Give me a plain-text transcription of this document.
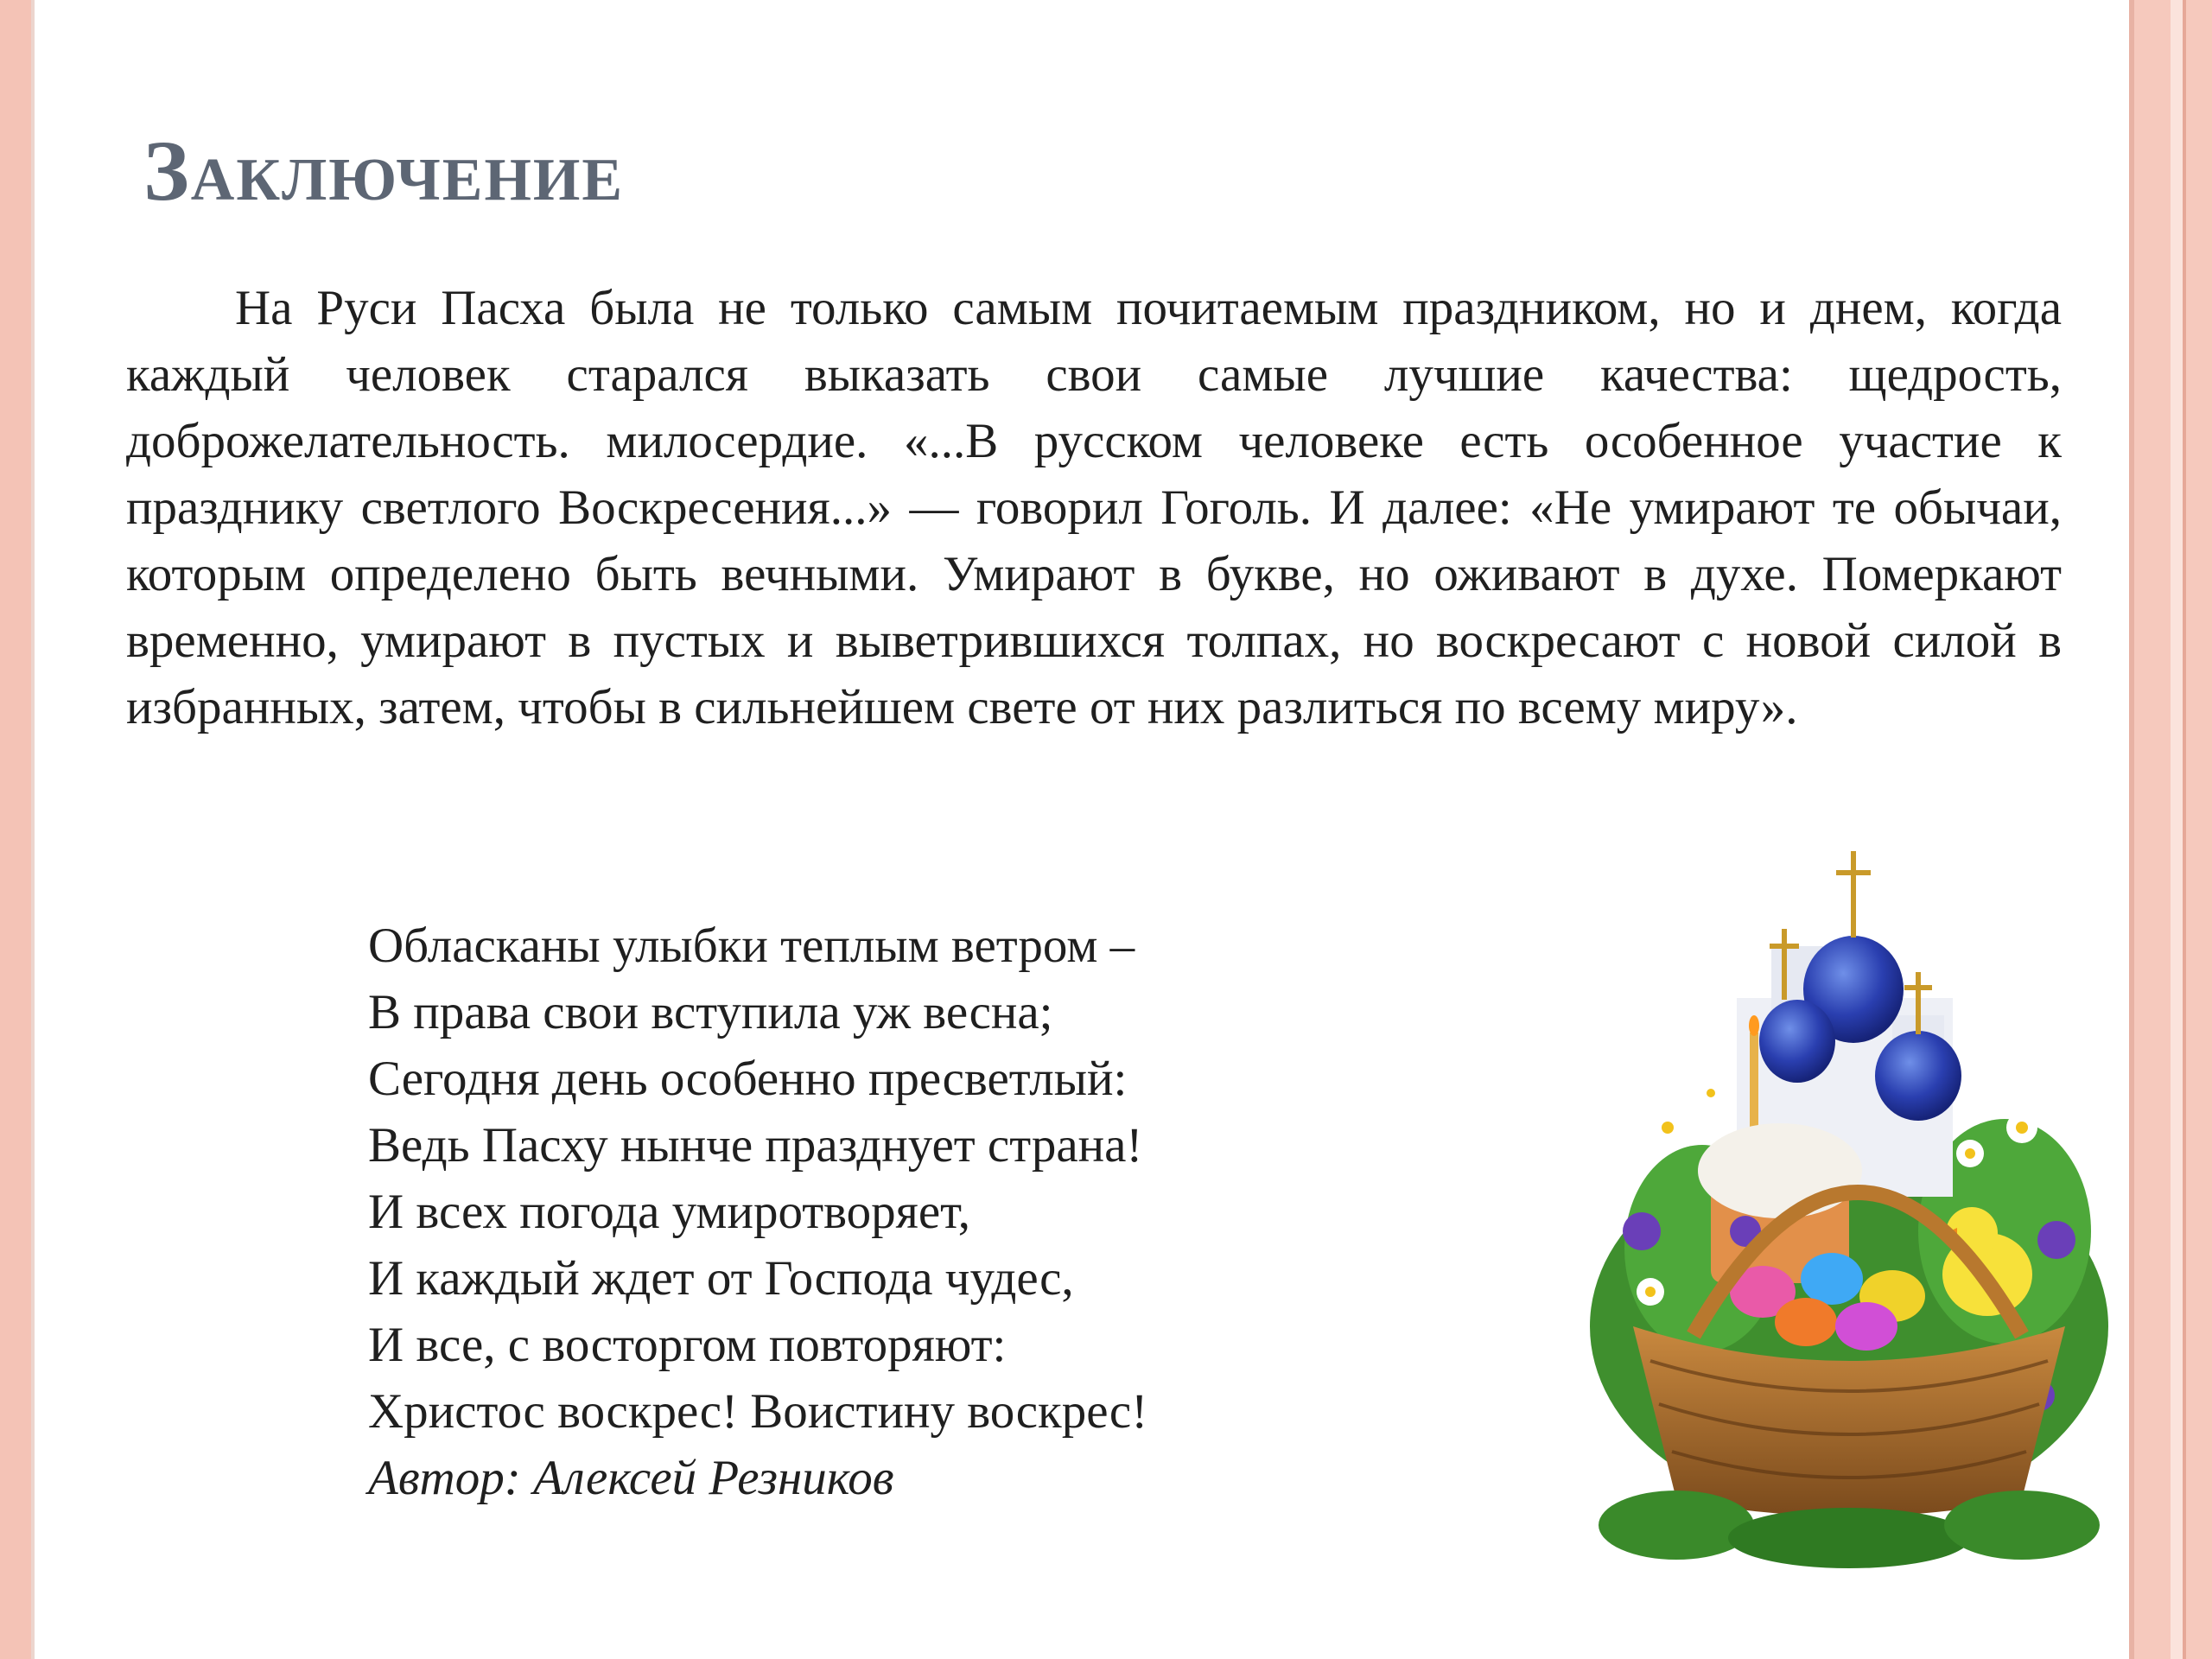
Заключение

На Руси Пасха была не только самым почитаемым праздником, но и днем, когда каждый человек старался выказать свои самые лучшие качества: щедрость, доброжелательность. милосердие. «...В русском человеке есть особенное участие к празднику светлого Воскресения...» — говорил Гоголь. И далее: «Не умирают те обычаи, которым определено быть вечными. Умирают в букве, но оживают в духе. Померкают временно, умирают в пустых и выветрившихся толпах, но воскресают с новой силой в избранных, затем, чтобы в сильнейшем свете от них разлиться по всему миру».

Обласканы улыбки теплым ветром –
В права свои вступила уж весна;
Сегодня день особенно пресветлый:
Ведь Пасху нынче празднует страна!
И всех погода умиротворяет,
И каждый ждет от Господа чудес,
И все, с восторгом повторяют:
Христос воскрес! Воистину воскрес!
Автор: Алексей Резников
